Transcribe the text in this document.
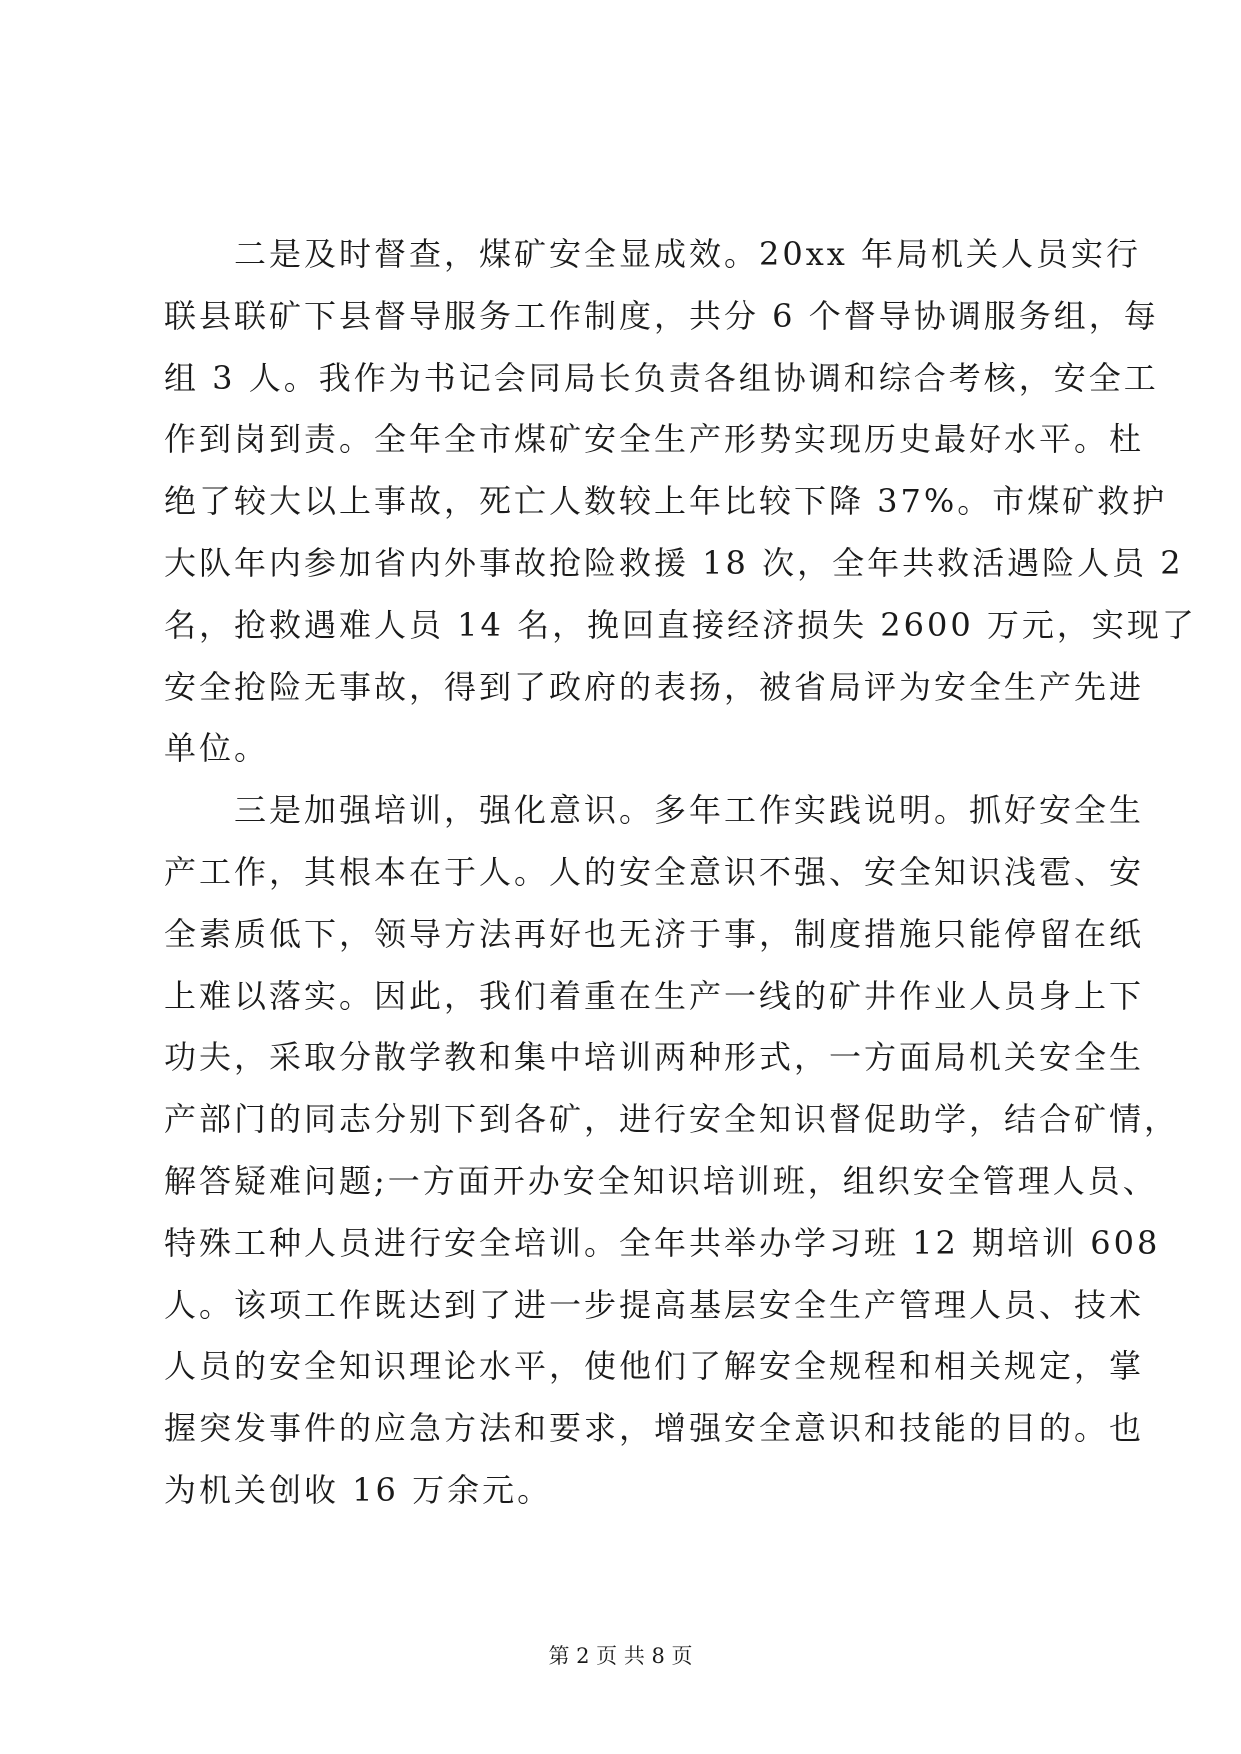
二是及时督查，煤矿安全显成效。20xx 年局机关人员实行
联县联矿下县督导服务工作制度，共分 6 个督导协调服务组，每
组 3 人。我作为书记会同局长负责各组协调和综合考核，安全工
作到岗到责。全年全市煤矿安全生产形势实现历史最好水平。杜
绝了较大以上事故，死亡人数较上年比较下降 37%。市煤矿救护
大队年内参加省内外事故抢险救援 18 次，全年共救活遇险人员 2
名，抢救遇难人员 14 名，挽回直接经济损失 2600 万元，实现了
安全抢险无事故，得到了政府的表扬，被省局评为安全生产先进
单位。
三是加强培训，强化意识。多年工作实践说明。抓好安全生
产工作，其根本在于人。人的安全意识不强、安全知识浅雹、安
全素质低下，领导方法再好也无济于事，制度措施只能停留在纸
上难以落实。因此，我们着重在生产一线的矿井作业人员身上下
功夫，采取分散学教和集中培训两种形式，一方面局机关安全生
产部门的同志分别下到各矿，进行安全知识督促助学，结合矿情，
解答疑难问题;一方面开办安全知识培训班，组织安全管理人员、
特殊工种人员进行安全培训。全年共举办学习班 12 期培训 608
人。该项工作既达到了进一步提高基层安全生产管理人员、技术
人员的安全知识理论水平，使他们了解安全规程和相关规定，掌
握突发事件的应急方法和要求，增强安全意识和技能的目的。也
为机关创收 16 万余元。
第 2 页 共 8 页
